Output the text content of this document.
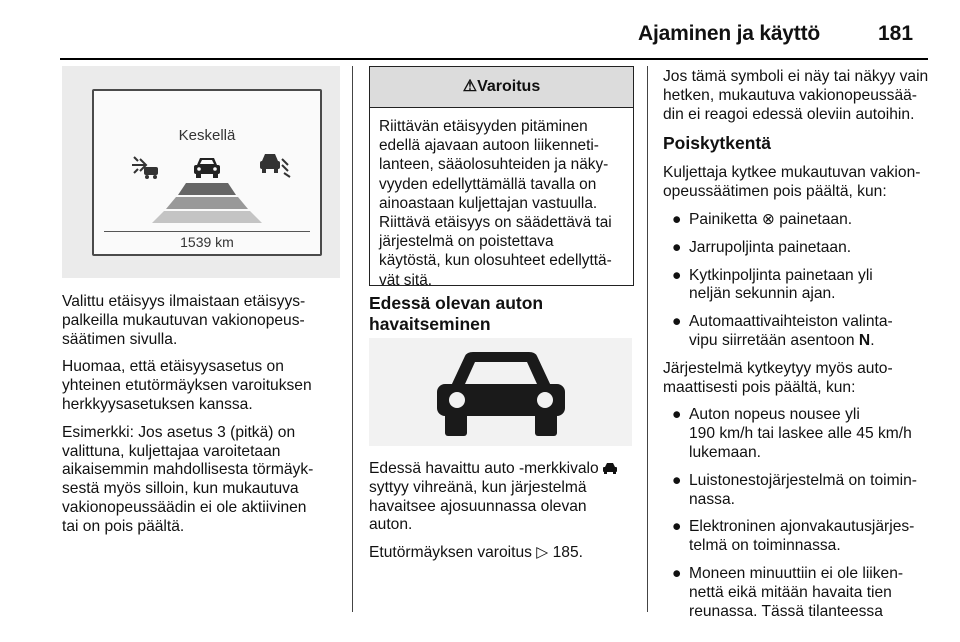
Ajaminen ja käyttö	181
Keskellä
1539 km

Valittu etäisyys ilmaistaan etäisyys-
palkeilla mukautuvan vakionopeus-
säätimen sivulla.

Huomaa, että etäisyysasetus on
yhteinen etutörmäyksen varoituksen
herkkyysasetuksen kanssa.

Esimerkki: Jos asetus 3 (pitkä) on
valittuna, kuljettajaa varoitetaan
aikaisemmin mahdollisesta törmäyk-
sestä myös silloin, kun mukautuva
vakionopeussäädin ei ole aktiivinen
tai on pois päältä.

⚠Varoitus
Riittävän etäisyyden pitäminen
edellä ajavaan autoon liikenneti-
lanteen, sääolosuhteiden ja näky-
vyyden edellyttämällä tavalla on
ainoastaan kuljettajan vastuulla.
Riittävä etäisyys on säädettävä tai
järjestelmä on poistettava
käytöstä, kun olosuhteet edellyttä-
vät sitä.
Edessä olevan auton
havaitseminen

Edessä havaittu auto -merkkivalo
syttyy vihreänä, kun järjestelmä
havaitsee ajosuunnassa olevan
auton.

Etutörmäyksen varoitus ▷ 185.

Jos tämä symboli ei näy tai näkyy vain
hetken, mukautuva vakionopeussää-
din ei reagoi edessä oleviin autoihin.

Poiskytkentä

Kuljettaja kytkee mukautuvan vakion-
opeussäätimen pois päältä, kun:

● Painiketta ⊗ painetaan.
● Jarrupoljinta painetaan.
● Kytkinpoljinta painetaan yli
neljän sekunnin ajan.
● Automaattivaihteiston valinta-
vipu siirretään asentoon N.

Järjestelmä kytkeytyy myös auto-
maattisesti pois päältä, kun:

● Auton nopeus nousee yli
190 km/h tai laskee alle 45 km/h
lukemaan.
● Luistonestojärjestelmä on toimin-
nassa.
● Elektroninen ajonvakautusjärjes-
telmä on toiminnassa.
● Moneen minuuttiin ei ole liiken-
nettä eikä mitään havaita tien
reunassa. Tässä tilanteessa
